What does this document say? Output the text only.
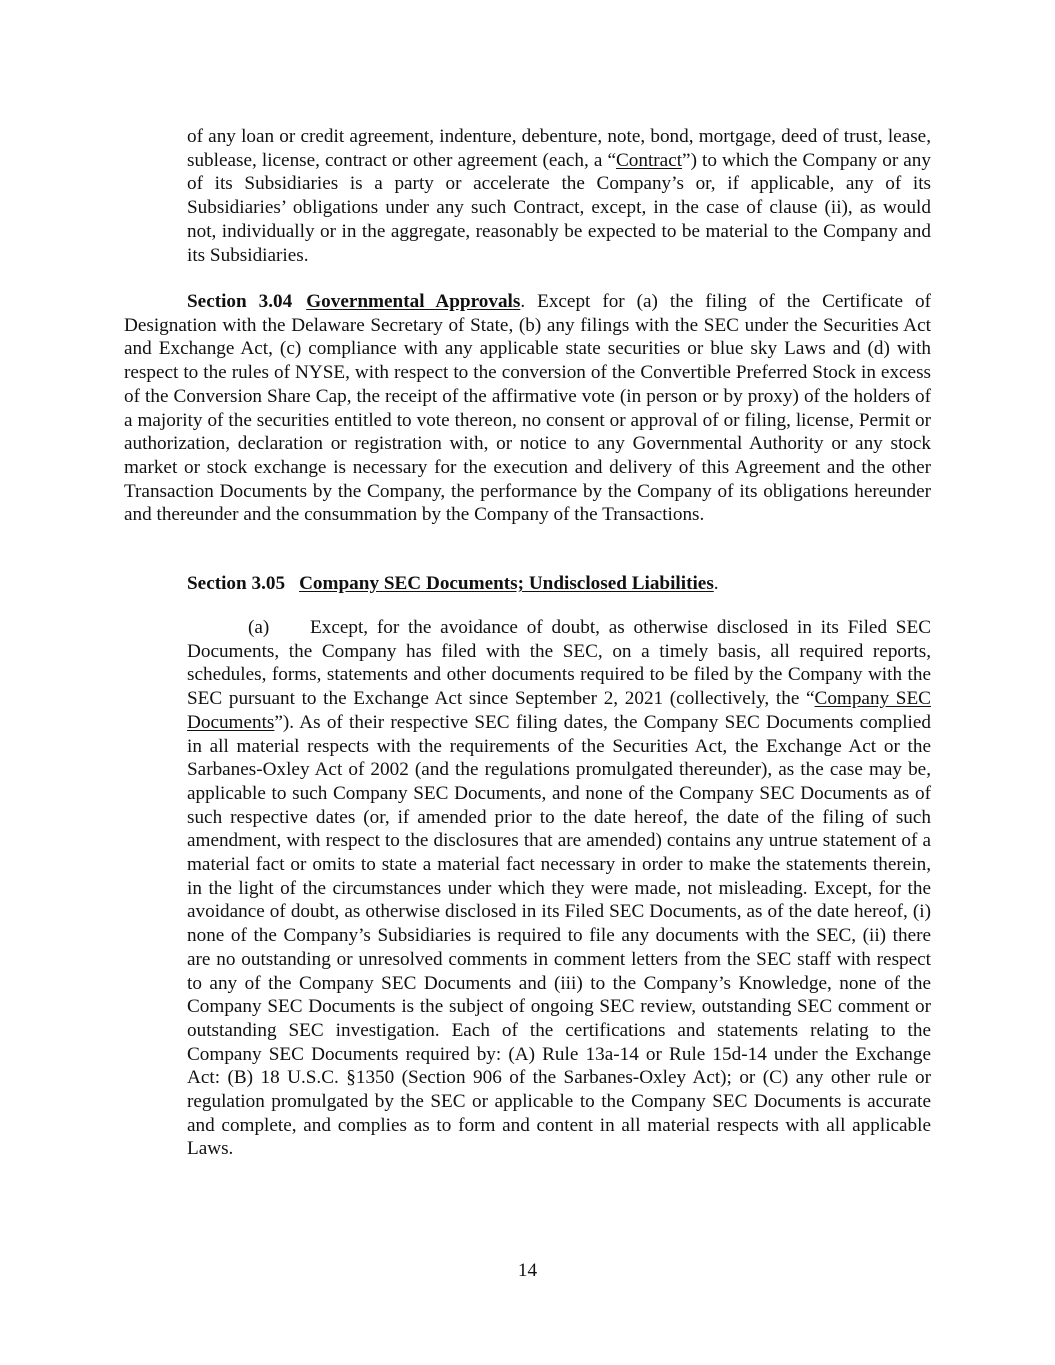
of any loan or credit agreement, indenture, debenture, note, bond, mortgage, deed of trust, lease, sublease, license, contract or other agreement (each, a “Contract”) to which the Company or any of its Subsidiaries is a party or accelerate the Company’s or, if applicable, any of its Subsidiaries’ obligations under any such Contract, except, in the case of clause (ii), as would not, individually or in the aggregate, reasonably be expected to be material to the Company and its Subsidiaries.

Section 3.04 Governmental Approvals. Except for (a) the filing of the Certificate of Designation with the Delaware Secretary of State, (b) any filings with the SEC under the Securities Act and Exchange Act, (c) compliance with any applicable state securities or blue sky Laws and (d) with respect to the rules of NYSE, with respect to the conversion of the Convertible Preferred Stock in excess of the Conversion Share Cap, the receipt of the affirmative vote (in person or by proxy) of the holders of a majority of the securities entitled to vote thereon, no consent or approval of or filing, license, Permit or authorization, declaration or registration with, or notice to any Governmental Authority or any stock market or stock exchange is necessary for the execution and delivery of this Agreement and the other Transaction Documents by the Company, the performance by the Company of its obligations hereunder and thereunder and the consummation by the Company of the Transactions.

Section 3.05 Company SEC Documents; Undisclosed Liabilities.

(a) Except, for the avoidance of doubt, as otherwise disclosed in its Filed SEC Documents, the Company has filed with the SEC, on a timely basis, all required reports, schedules, forms, statements and other documents required to be filed by the Company with the SEC pursuant to the Exchange Act since September 2, 2021 (collectively, the “Company SEC Documents”). As of their respective SEC filing dates, the Company SEC Documents complied in all material respects with the requirements of the Securities Act, the Exchange Act or the Sarbanes-Oxley Act of 2002 (and the regulations promulgated thereunder), as the case may be, applicable to such Company SEC Documents, and none of the Company SEC Documents as of such respective dates (or, if amended prior to the date hereof, the date of the filing of such amendment, with respect to the disclosures that are amended) contains any untrue statement of a material fact or omits to state a material fact necessary in order to make the statements therein, in the light of the circumstances under which they were made, not misleading. Except, for the avoidance of doubt, as otherwise disclosed in its Filed SEC Documents, as of the date hereof, (i) none of the Company’s Subsidiaries is required to file any documents with the SEC, (ii) there are no outstanding or unresolved comments in comment letters from the SEC staff with respect to any of the Company SEC Documents and (iii) to the Company’s Knowledge, none of the Company SEC Documents is the subject of ongoing SEC review, outstanding SEC comment or outstanding SEC investigation. Each of the certifications and statements relating to the Company SEC Documents required by: (A) Rule 13a-14 or Rule 15d-14 under the Exchange Act: (B) 18 U.S.C. §1350 (Section 906 of the Sarbanes-Oxley Act); or (C) any other rule or regulation promulgated by the SEC or applicable to the Company SEC Documents is accurate and complete, and complies as to form and content in all material respects with all applicable Laws.

14
